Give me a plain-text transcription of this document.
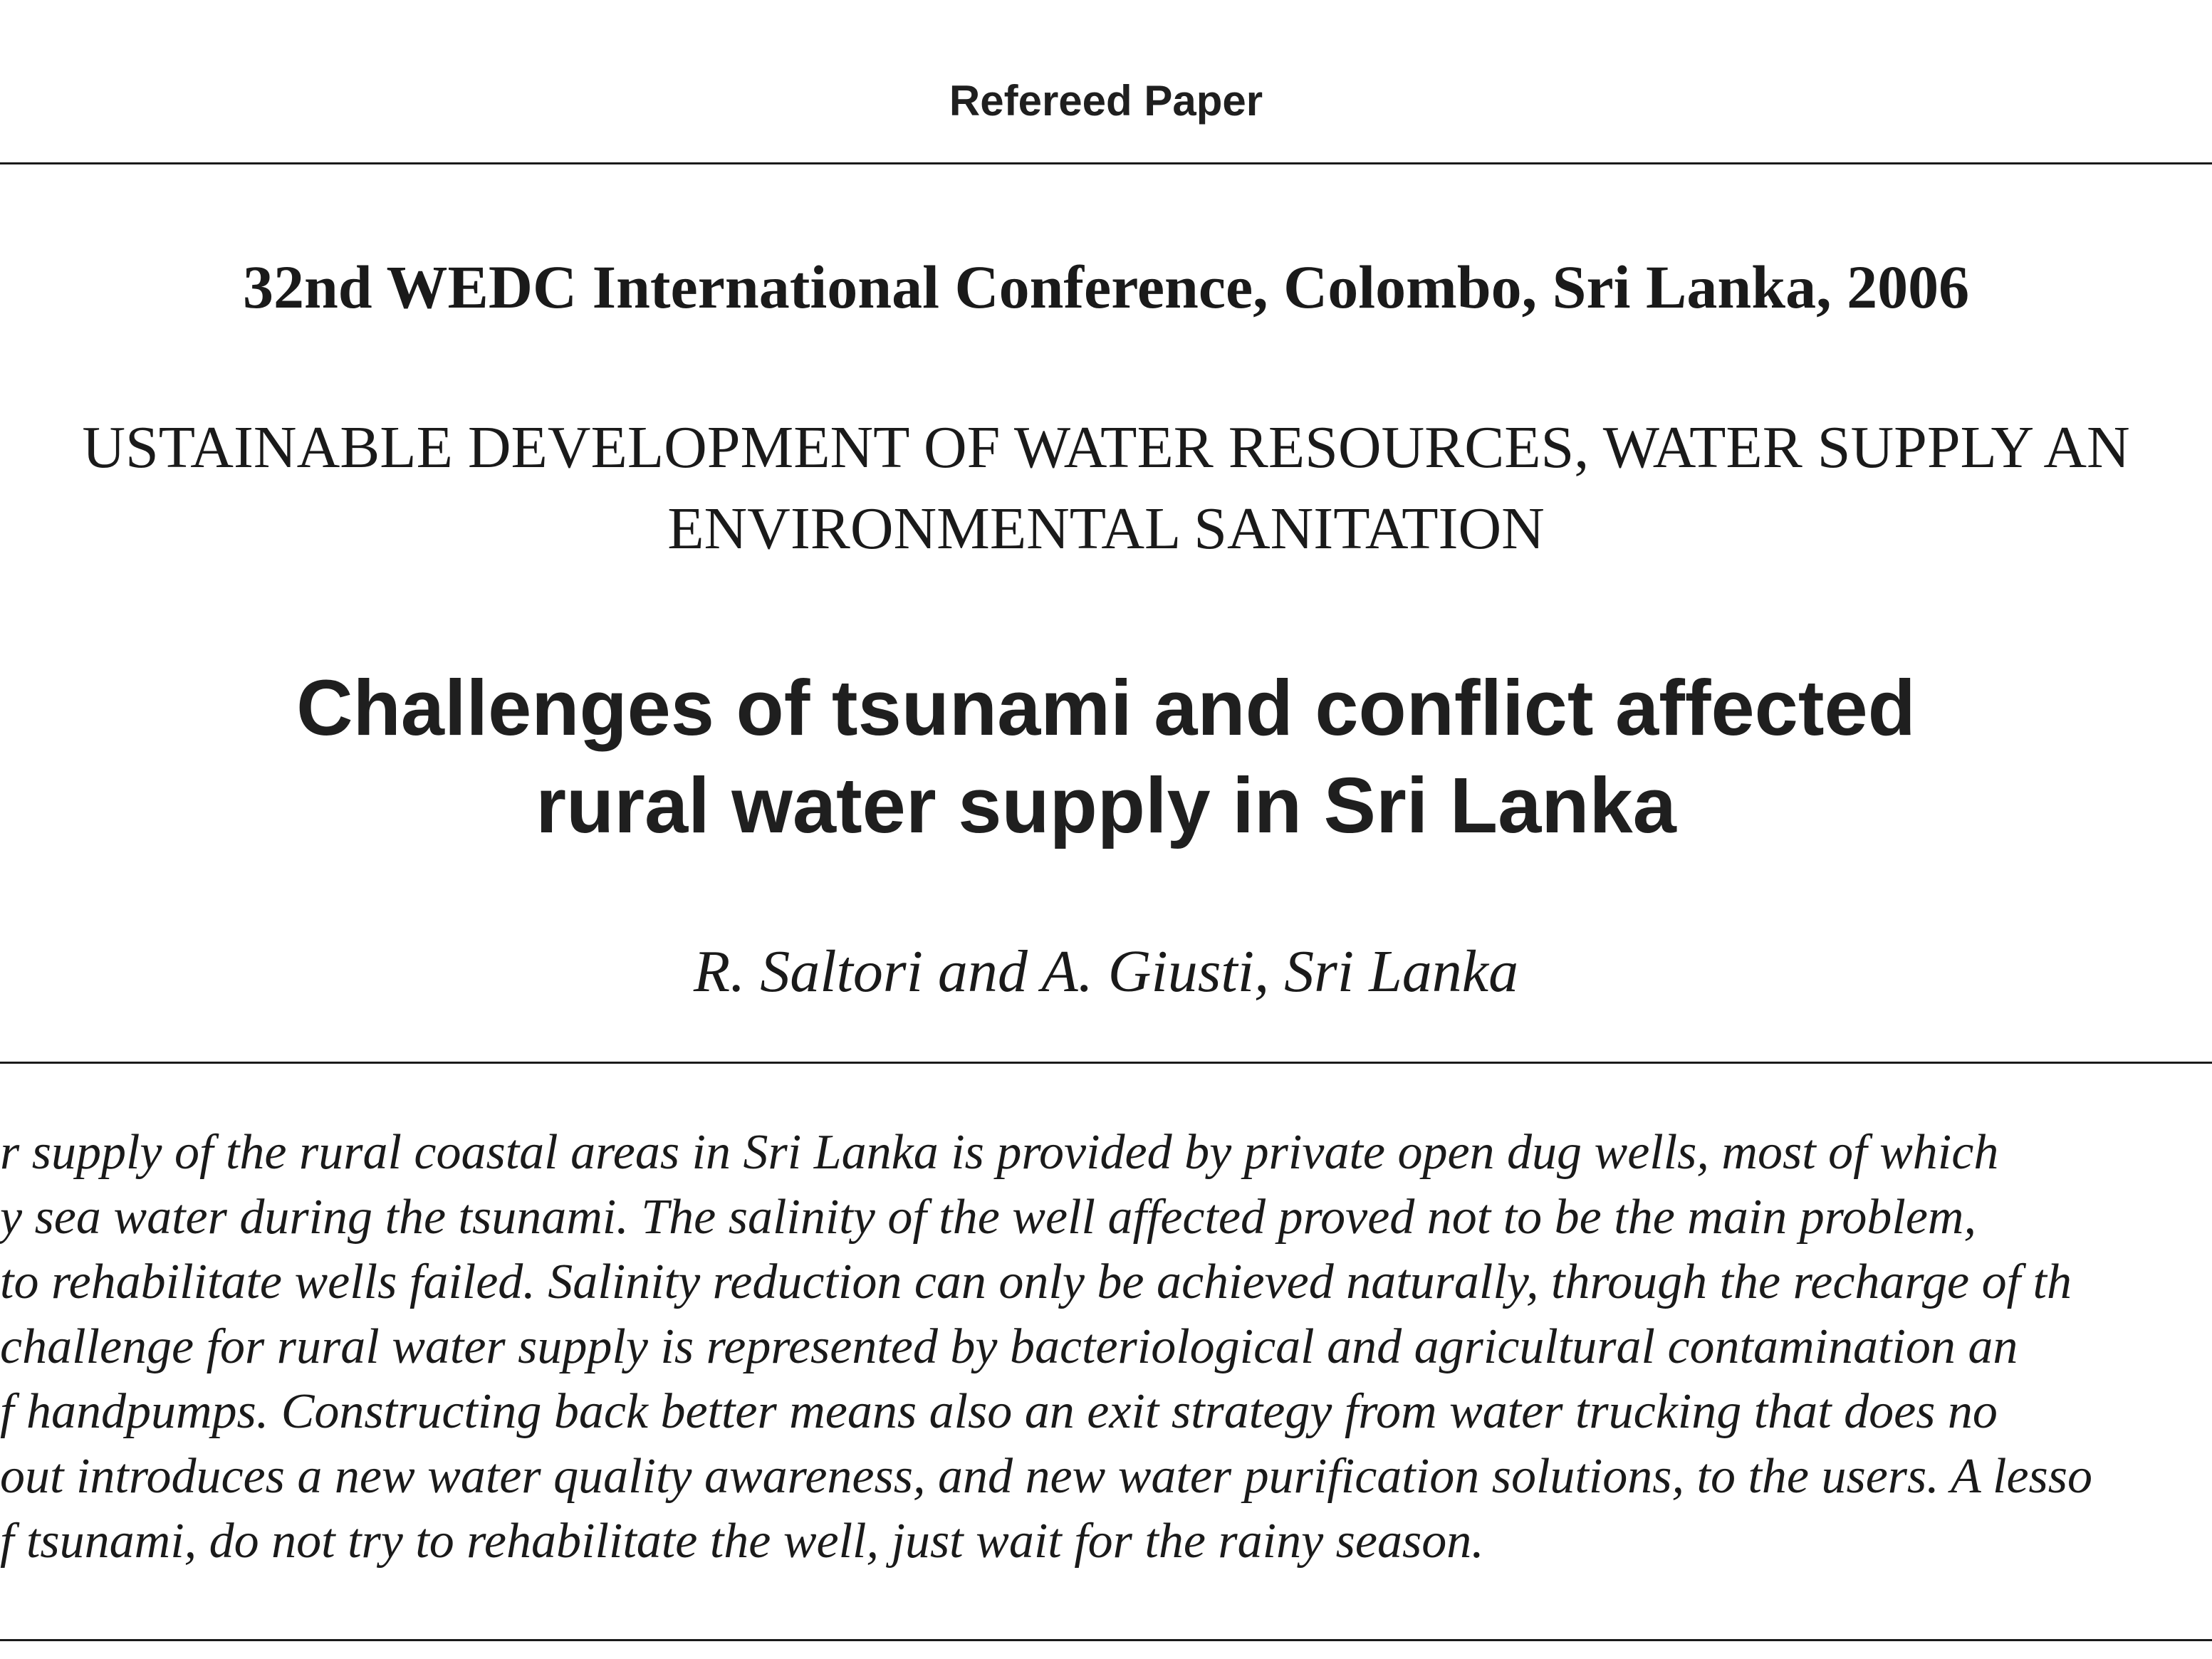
Refereed Paper
32nd WEDC International Conference, Colombo, Sri Lanka, 2006
USTAINABLE DEVELOPMENT OF WATER RESOURCES, WATER SUPPLY AN
ENVIRONMENTAL SANITATION
Challenges of tsunami and conflict affected
rural water supply in Sri Lanka
R. Saltori and A. Giusti, Sri Lanka
r supply of the rural coastal areas in Sri Lanka is provided by private open dug wells, most of which
y sea water during the tsunami. The salinity of the well affected proved not to be the main problem,
to rehabilitate wells failed. Salinity reduction can only be achieved naturally, through the recharge of th
challenge for rural water supply is represented by bacteriological and agricultural contamination an
f handpumps. Constructing back better means also an exit strategy from water trucking that does no
out introduces a new water quality awareness, and new water purification solutions, to the users. A lesso
f tsunami, do not try to rehabilitate the well, just wait for the rainy season.
